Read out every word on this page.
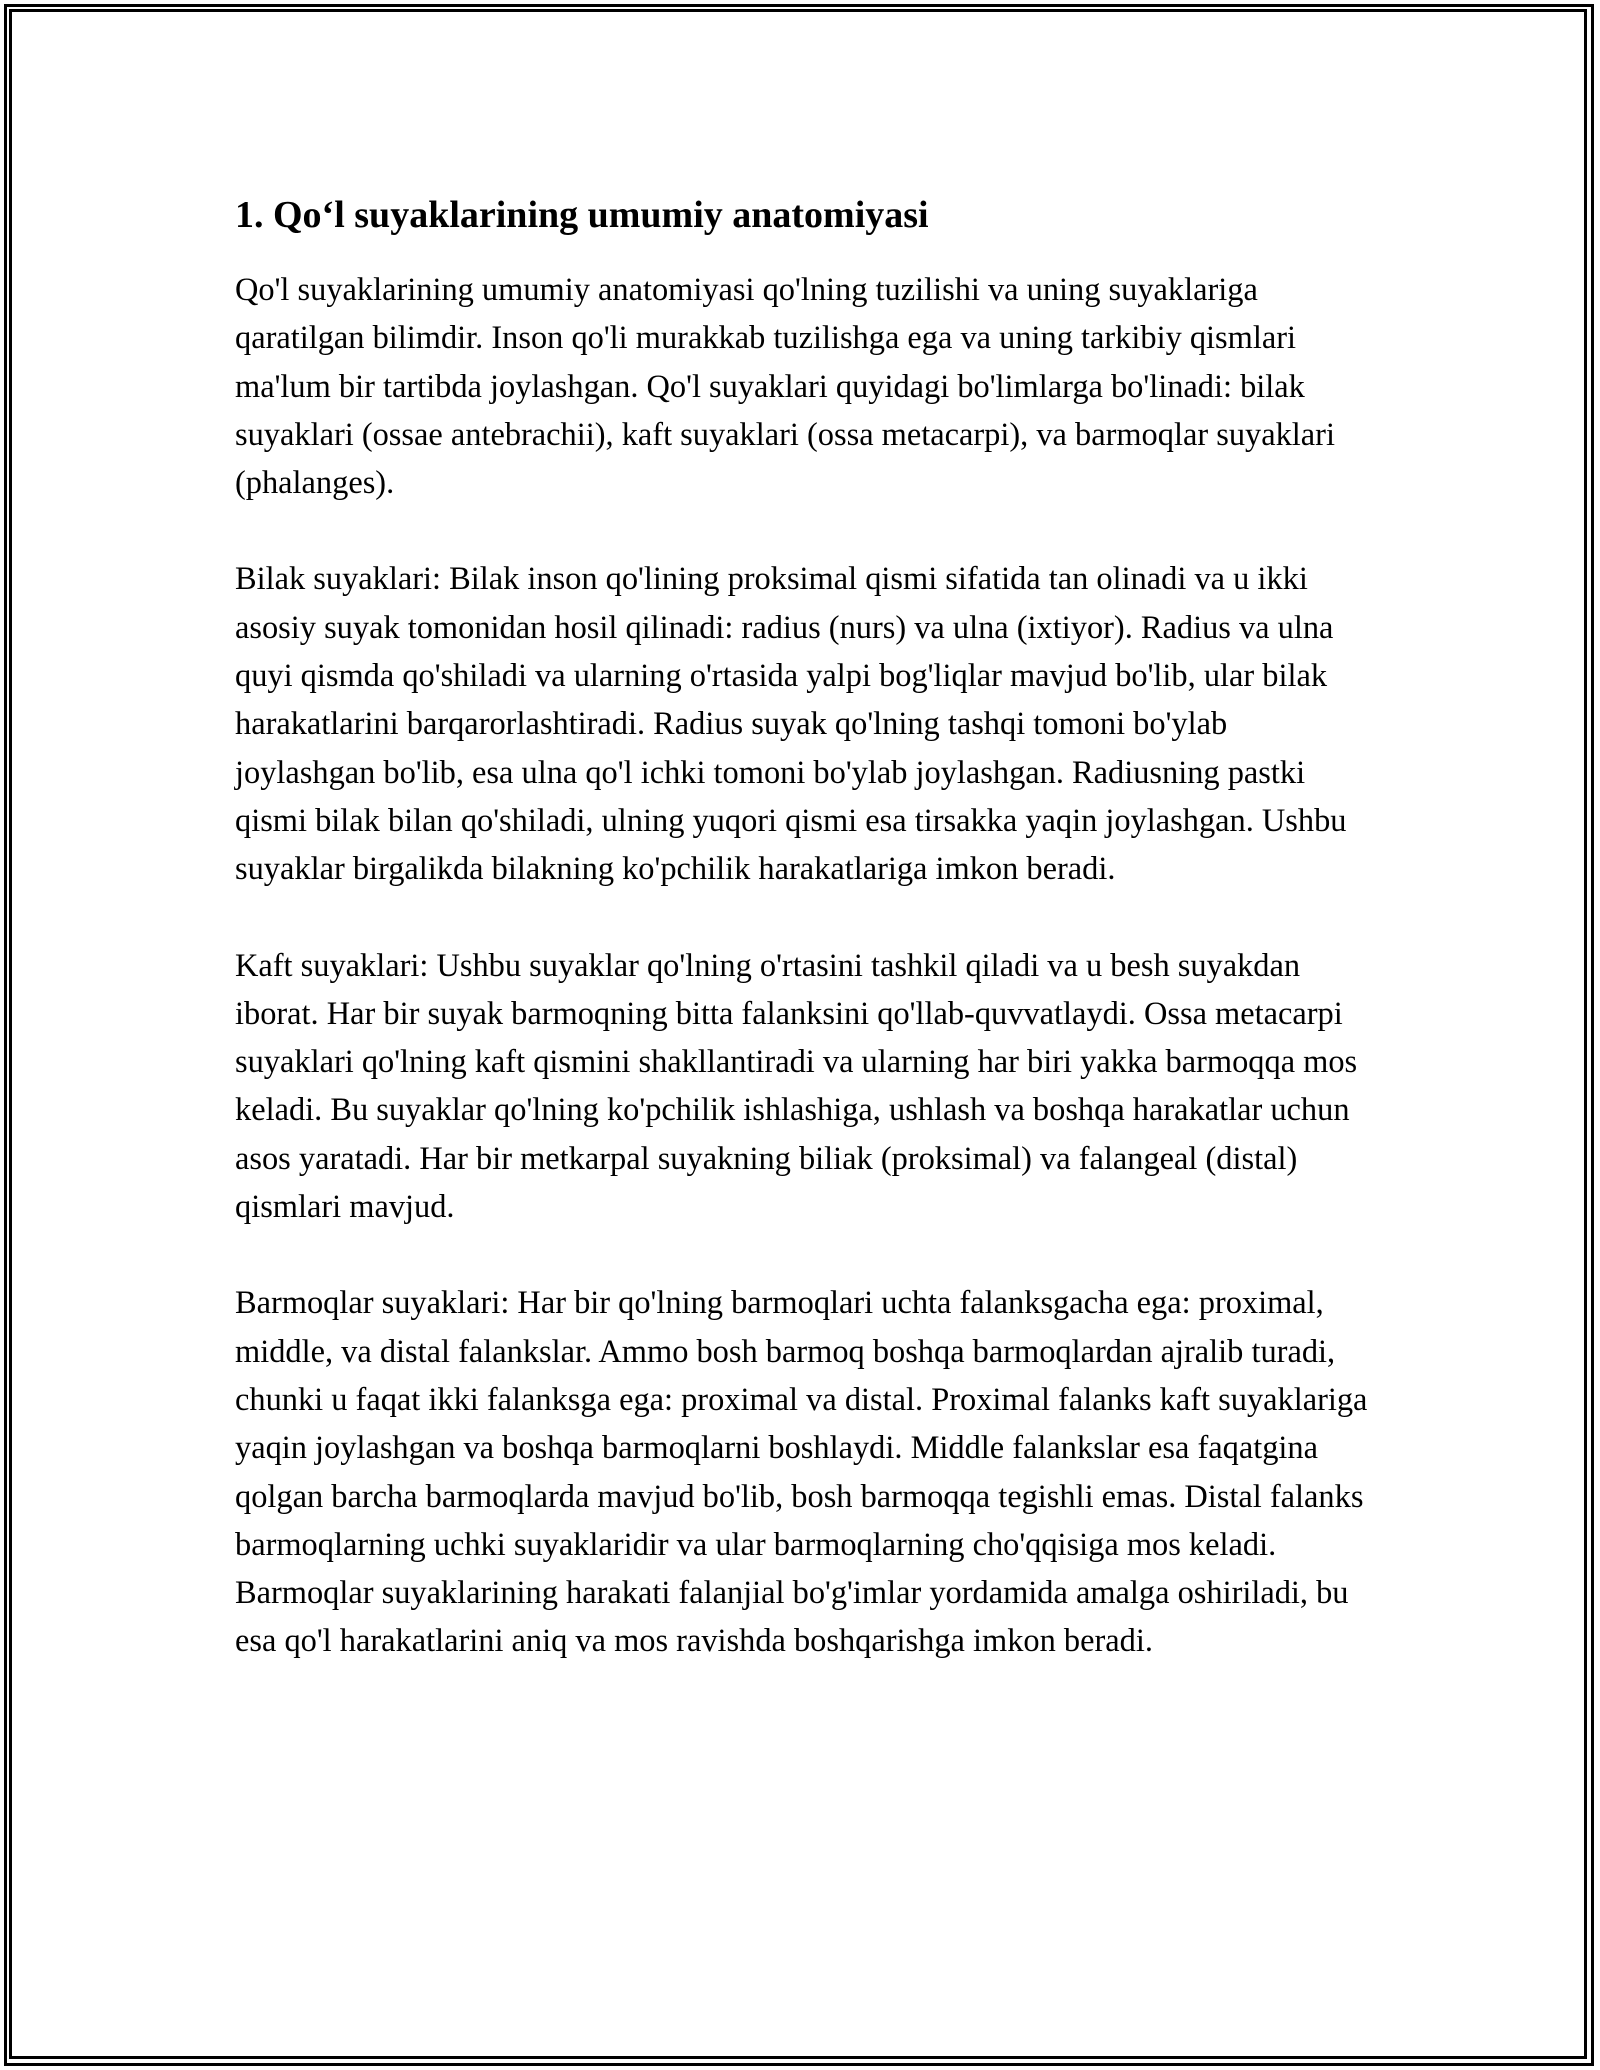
1. Qo‘l suyaklarining umumiy anatomiyasi

Qo'l suyaklarining umumiy anatomiyasi qo'lning tuzilishi va uning suyaklariga qaratilgan bilimdir. Inson qo'li murakkab tuzilishga ega va uning tarkibiy qismlari ma'lum bir tartibda joylashgan. Qo'l suyaklari quyidagi bo'limlarga bo'linadi: bilak suyaklari (ossae antebrachii), kaft suyaklari (ossa metacarpi), va barmoqlar suyaklari (phalanges).

Bilak suyaklari: Bilak inson qo'lining proksimal qismi sifatida tan olinadi va u ikki asosiy suyak tomonidan hosil qilinadi: radius (nurs) va ulna (ixtiyor). Radius va ulna quyi qismda qo'shiladi va ularning o'rtasida yalpi bog'liqlar mavjud bo'lib, ular bilak harakatlarini barqarorlashtiradi. Radius suyak qo'lning tashqi tomoni bo'ylab joylashgan bo'lib, esa ulna qo'l ichki tomoni bo'ylab joylashgan. Radiusning pastki qismi bilak bilan qo'shiladi, ulning yuqori qismi esa tirsakka yaqin joylashgan. Ushbu suyaklar birgalikda bilakning ko'pchilik harakatlariga imkon beradi.

Kaft suyaklari: Ushbu suyaklar qo'lning o'rtasini tashkil qiladi va u besh suyakdan iborat. Har bir suyak barmoqning bitta falanksini qo'llab-quvvatlaydi. Ossa metacarpi suyaklari qo'lning kaft qismini shakllantiradi va ularning har biri yakka barmoqqa mos keladi. Bu suyaklar qo'lning ko'pchilik ishlashiga, ushlash va boshqa harakatlar uchun asos yaratadi. Har bir metkarpal suyakning biliak (proksimal) va falangeal (distal) qismlari mavjud.

Barmoqlar suyaklari: Har bir qo'lning barmoqlari uchta falanksgacha ega: proximal, middle, va distal falankslar. Ammo bosh barmoq boshqa barmoqlardan ajralib turadi, chunki u faqat ikki falanksga ega: proximal va distal. Proximal falanks kaft suyaklariga yaqin joylashgan va boshqa barmoqlarni boshlaydi. Middle falankslar esa faqatgina qolgan barcha barmoqlarda mavjud bo'lib, bosh barmoqqa tegishli emas. Distal falanks barmoqlarning uchki suyaklaridir va ular barmoqlarning cho'qqisiga mos keladi. Barmoqlar suyaklarining harakati falanjial bo'g'imlar yordamida amalga oshiriladi, bu esa qo'l harakatlarini aniq va mos ravishda boshqarishga imkon beradi.
